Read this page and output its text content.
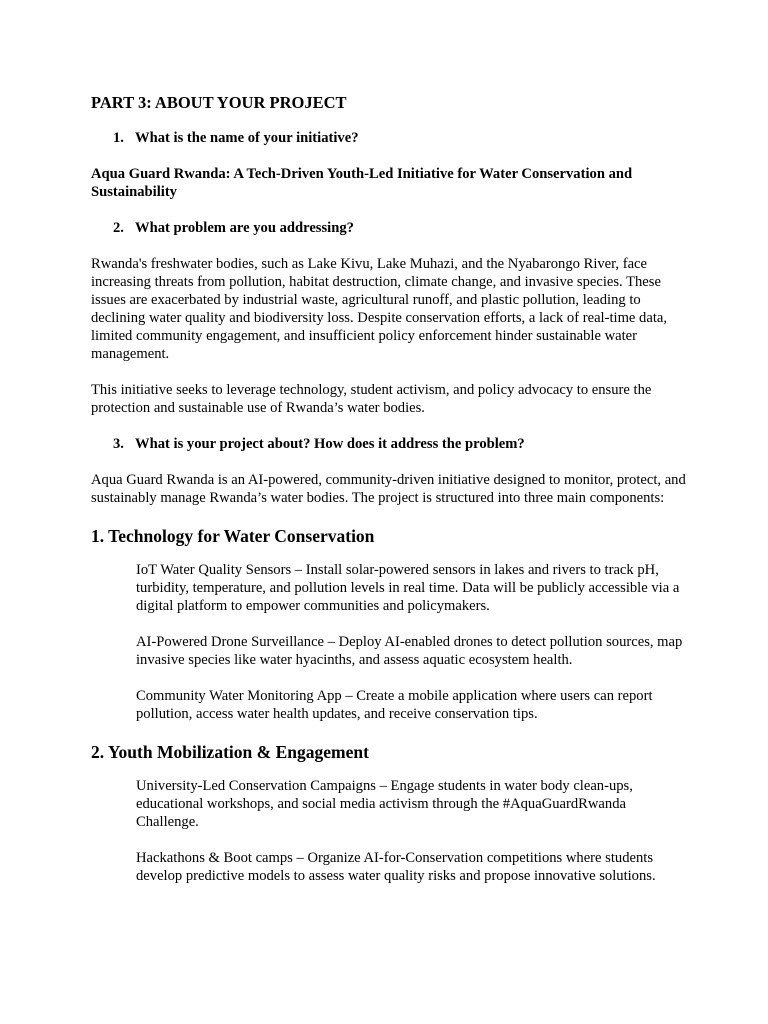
PART 3: ABOUT YOUR PROJECT
1. What is the name of your initiative?
Aqua Guard Rwanda: A Tech-Driven Youth-Led Initiative for Water Conservation and Sustainability
2. What problem are you addressing?
Rwanda's freshwater bodies, such as Lake Kivu, Lake Muhazi, and the Nyabarongo River, face increasing threats from pollution, habitat destruction, climate change, and invasive species. These issues are exacerbated by industrial waste, agricultural runoff, and plastic pollution, leading to declining water quality and biodiversity loss. Despite conservation efforts, a lack of real-time data, limited community engagement, and insufficient policy enforcement hinder sustainable water management.
This initiative seeks to leverage technology, student activism, and policy advocacy to ensure the protection and sustainable use of Rwanda’s water bodies.
3. What is your project about? How does it address the problem?
Aqua Guard Rwanda is an AI-powered, community-driven initiative designed to monitor, protect, and sustainably manage Rwanda’s water bodies. The project is structured into three main components:
1. Technology for Water Conservation
IoT Water Quality Sensors – Install solar-powered sensors in lakes and rivers to track pH, turbidity, temperature, and pollution levels in real time. Data will be publicly accessible via a digital platform to empower communities and policymakers.
AI-Powered Drone Surveillance – Deploy AI-enabled drones to detect pollution sources, map invasive species like water hyacinths, and assess aquatic ecosystem health.
Community Water Monitoring App – Create a mobile application where users can report pollution, access water health updates, and receive conservation tips.
2. Youth Mobilization & Engagement
University-Led Conservation Campaigns – Engage students in water body clean-ups, educational workshops, and social media activism through the #AquaGuardRwanda Challenge.
Hackathons & Boot camps – Organize AI-for-Conservation competitions where students develop predictive models to assess water quality risks and propose innovative solutions.
